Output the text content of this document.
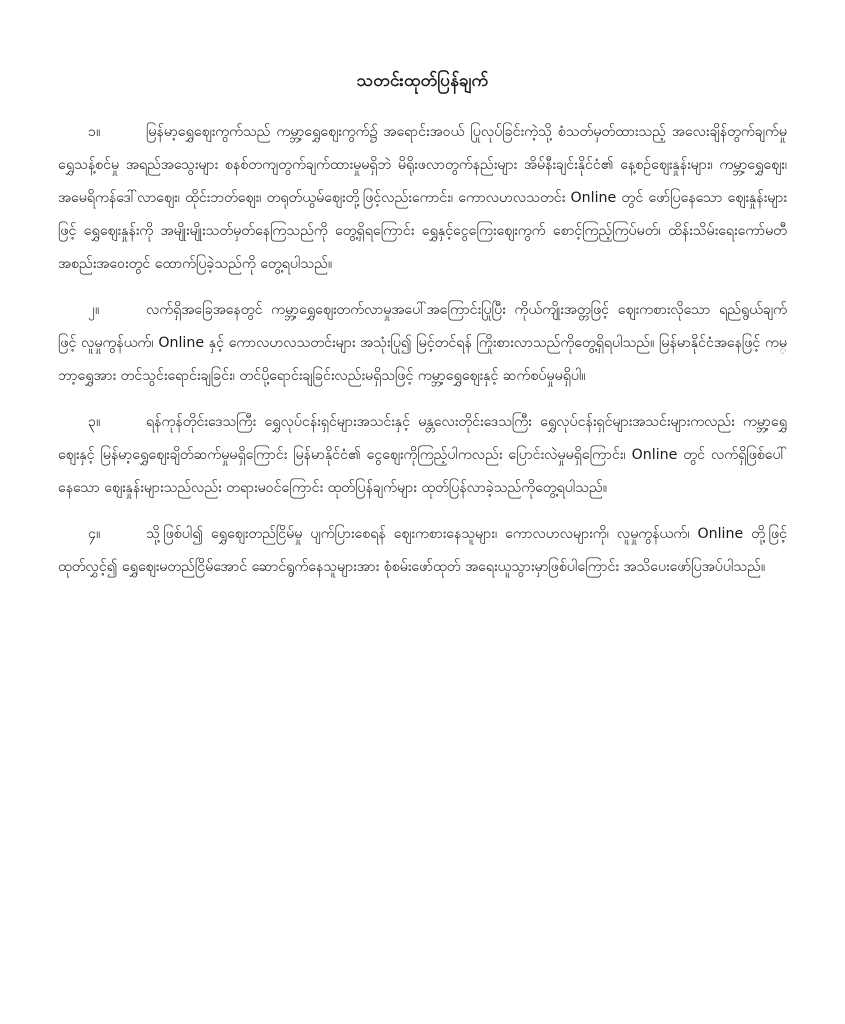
သတင်းထုတ်ပြန်ချက်
၁။	မြန်မာ့ရွှေဈေးကွက်သည် ကမ္ဘာ့ရွှေဈေးကွက်၌ အရောင်းအဝယ် ပြုလုပ်ခြင်းကဲ့သို့ စံသတ်မှတ်ထားသည့် အလေးချိန်တွက်ချက်မှု ရွှေသန့်စင်မှု အရည်အသွေးများ စနစ်တကျတွက်ချက်ထားမှုမရှိဘဲ မိရိုးဖလာတွက်နည်းများ အိမ်နီးချင်းနိုင်ငံ၏ နေ့စဉ်ဈေးနှုန်းများ၊ ကမ္ဘာ့ရွှေဈေး၊ အမေရိကန်ဒေါ်လာဈေး၊ ထိုင်းဘတ်ဈေး၊ တရုတ်ယွမ်ဈေးတို့ဖြင့်လည်းကောင်း၊ ကောလဟလသတင်း Online တွင် ဖော်ပြနေသော ဈေးနှုန်းများဖြင့် ရွှေဈေးနှုန်းကို အမျိုးမျိုးသတ်မှတ်နေကြသည်ကို တွေ့ရှိရကြောင်း ရွှေနှင့်ငွေကြေးဈေးကွက် စောင့်ကြည့်ကြပ်မတ်၊ ထိန်းသိမ်းရေးကော်မတီအစည်းအဝေးတွင် ထောက်ပြခဲ့သည်ကို တွေ့ရပါသည်။
၂။	လက်ရှိအခြေအနေတွင် ကမ္ဘာ့ရွှေဈေးတက်လာမှုအပေါ်အကြောင်းပြုပြီး ကိုယ်ကျိုးအတ္တဖြင့် ဈေးကစားလိုသော ရည်ရွယ်ချက်ဖြင့် လူမှုကွန်ယက်၊ Online နှင့် ကောလဟလသတင်းများ အသုံးပြု၍ မြင့်တင်ရန် ကြိုးစားလာသည်ကိုတွေ့ရှိရပါသည်။ မြန်မာနိုင်ငံအနေဖြင့် ကမ္ဘာ့ရွှေအား တင်သွင်းရောင်းချခြင်း၊ တင်ပို့ရောင်းချခြင်းလည်းမရှိသဖြင့် ကမ္ဘာ့ရွှေဈေးနှင့် ဆက်စပ်မှုမရှိပါ။
၃။	ရန်ကုန်တိုင်းဒေသကြီး ရွှေလုပ်ငန်းရှင်များအသင်းနှင့် မန္တလေးတိုင်းဒေသကြီး ရွှေလုပ်ငန်းရှင်များအသင်းများကလည်း ကမ္ဘာ့ရွှေဈေးနှင့် မြန်မာ့ရွှေဈေးချိတ်ဆက်မှုမရှိကြောင်း မြန်မာနိုင်ငံ၏ ငွေဈေးကိုကြည့်ပါကလည်း ပြောင်းလဲမှုမရှိကြောင်း၊ Online တွင် လက်ရှိဖြစ်ပေါ်နေသော ဈေးနှုန်းများသည်လည်း တရားမဝင်ကြောင်း ထုတ်ပြန်ချက်များ ထုတ်ပြန်လာခဲ့သည်ကိုတွေ့ရပါသည်။
၄။	သို့ဖြစ်ပါ၍ ရွှေဈေးတည်ငြိမ်မှု ပျက်ပြားစေရန် ဈေးကစားနေသူများ၊ ကောလဟလများကို၊ လူမှုကွန်ယက်၊ Online တို့ဖြင့် ထုတ်လွှင့်၍ ရွှေဈေးမတည်ငြိမ်အောင် ဆောင်ရွက်နေသူများအား စုံစမ်းဖော်ထုတ် အရေးယူသွားမှာဖြစ်ပါကြောင်း အသိပေးဖော်ပြအပ်ပါသည်။
